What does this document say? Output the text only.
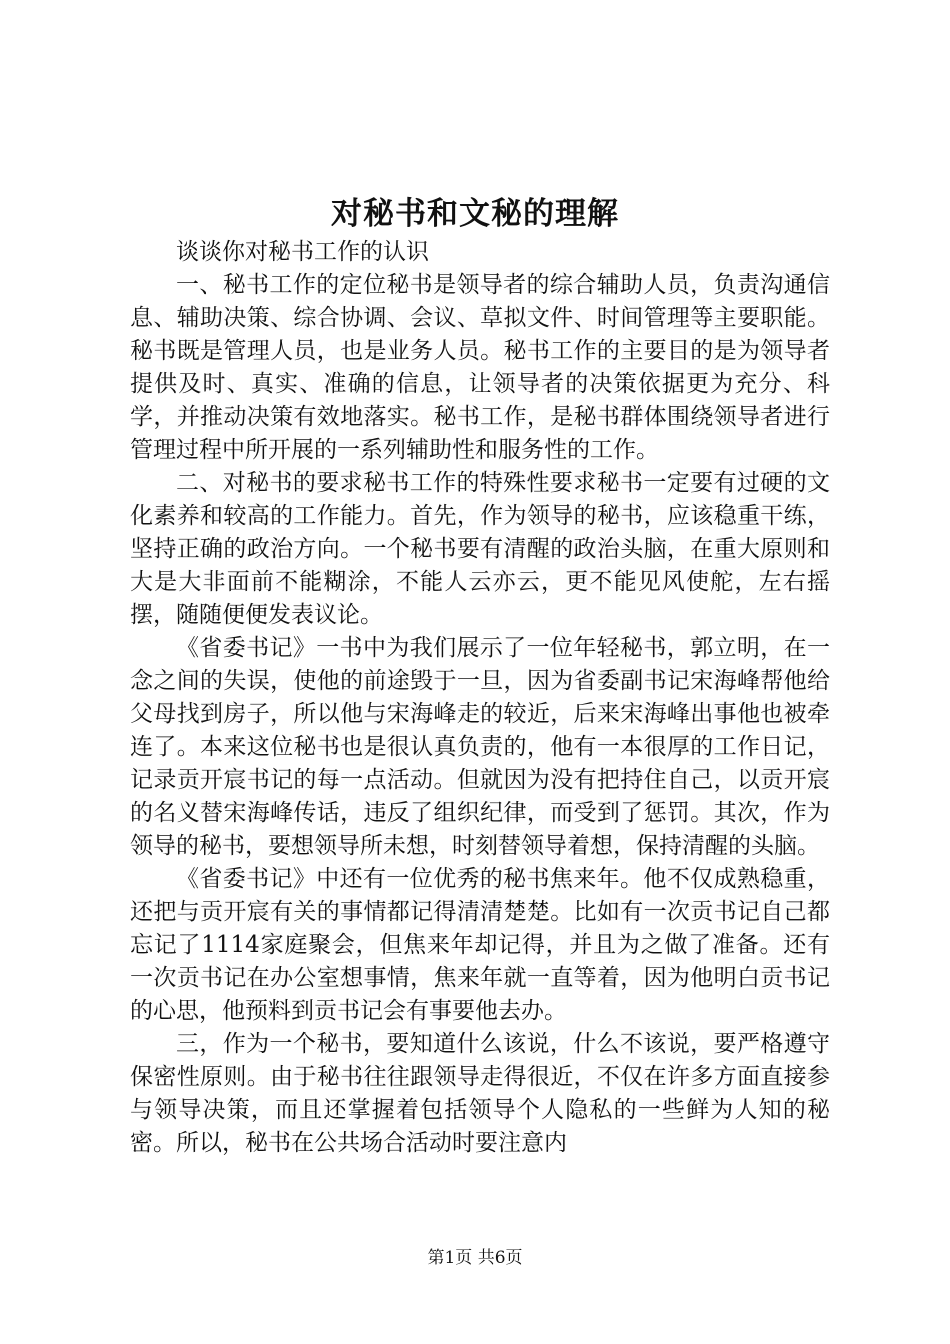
对秘书和文秘的理解

谈谈你对秘书工作的认识

一、秘书工作的定位秘书是领导者的综合辅助人员，负责沟通信息、辅助决策、综合协调、会议、草拟文件、时间管理等主要职能。秘书既是管理人员，也是业务人员。秘书工作的主要目的是为领导者提供及时、真实、准确的信息，让领导者的决策依据更为充分、科学，并推动决策有效地落实。秘书工作，是秘书群体围绕领导者进行管理过程中所开展的一系列辅助性和服务性的工作。

二、对秘书的要求秘书工作的特殊性要求秘书一定要有过硬的文化素养和较高的工作能力。首先，作为领导的秘书，应该稳重干练，坚持正确的政治方向。一个秘书要有清醒的政治头脑，在重大原则和大是大非面前不能糊涂，不能人云亦云，更不能见风使舵，左右摇摆，随随便便发表议论。

《省委书记》一书中为我们展示了一位年轻秘书，郭立明，在一念之间的失误，使他的前途毁于一旦，因为省委副书记宋海峰帮他给父母找到房子，所以他与宋海峰走的较近，后来宋海峰出事他也被牵连了。本来这位秘书也是很认真负责的，他有一本很厚的工作日记，记录贡开宸书记的每一点活动。但就因为没有把持住自己，以贡开宸的名义替宋海峰传话，违反了组织纪律，而受到了惩罚。其次，作为领导的秘书，要想领导所未想，时刻替领导着想，保持清醒的头脑。

《省委书记》中还有一位优秀的秘书焦来年。他不仅成熟稳重，还把与贡开宸有关的事情都记得清清楚楚。比如有一次贡书记自己都忘记了1114家庭聚会，但焦来年却记得，并且为之做了准备。还有一次贡书记在办公室想事情，焦来年就一直等着，因为他明白贡书记的心思，他预料到贡书记会有事要他去办。

三，作为一个秘书，要知道什么该说，什么不该说，要严格遵守保密性原则。由于秘书往往跟领导走得很近，不仅在许多方面直接参与领导决策，而且还掌握着包括领导个人隐私的一些鲜为人知的秘密。所以，秘书在公共场合活动时要注意内

第1页 共6页
